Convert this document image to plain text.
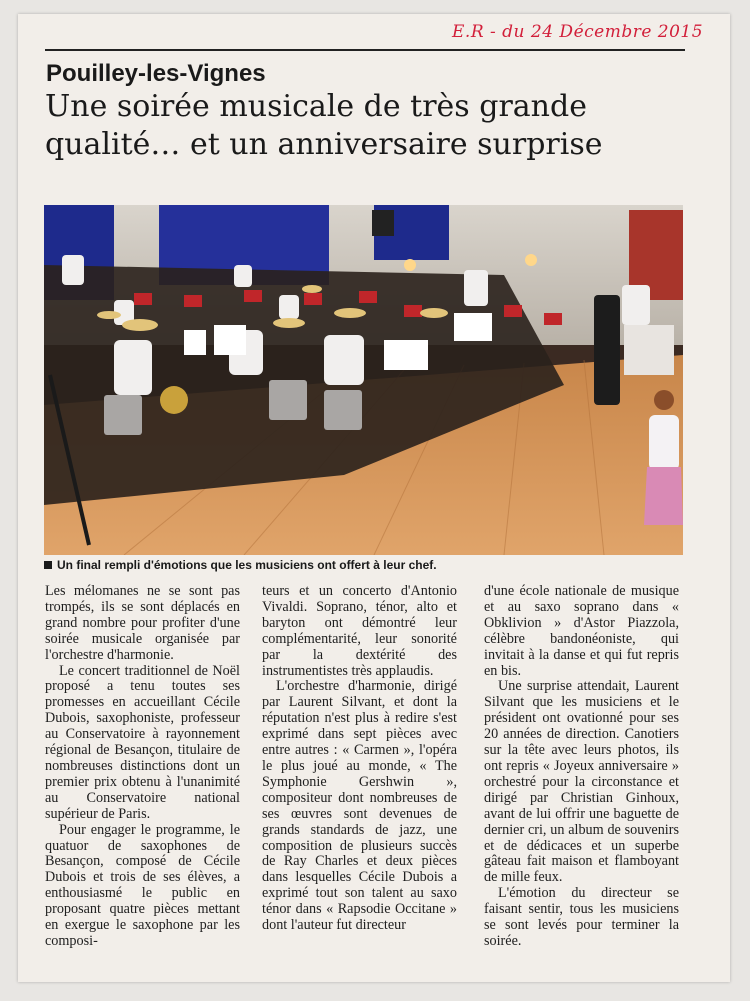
E.R - du 24 Décembre 2015
Pouilley-les-Vignes
Une soirée musicale de très grande qualité… et un anniversaire surprise
Un final rempli d'émotions que les musiciens ont offert à leur chef.

Les mélomanes ne se sont pas trompés, ils se sont déplacés en grand nombre pour profiter d'une soirée musicale organisée par l'orchestre d'harmonie.

Le concert traditionnel de Noël proposé a tenu toutes ses promesses en accueillant Cécile Dubois, saxophoniste, professeur au Conservatoire à rayonnement régional de Besançon, titulaire de nombreuses distinctions dont un premier prix obtenu à l'unanimité au Conservatoire national supérieur de Paris.

Pour engager le programme, le quatuor de saxophones de Besançon, composé de Cécile Dubois et trois de ses élèves, a enthousiasmé le public en proposant quatre pièces mettant en exergue le saxophone par les composi-

teurs et un concerto d'Antonio Vivaldi. Soprano, ténor, alto et baryton ont démontré leur complémentarité, leur sonorité par la dextérité des instrumentistes très applaudis.

L'orchestre d'harmonie, dirigé par Laurent Silvant, et dont la réputation n'est plus à redire s'est exprimé dans sept pièces avec entre autres : « Carmen », l'opéra le plus joué au monde, « The Symphonie Gershwin », compositeur dont nombreuses de ses œuvres sont devenues de grands standards de jazz, une composition de plusieurs succès de Ray Charles et deux pièces dans lesquelles Cécile Dubois a exprimé tout son talent au saxo ténor dans « Rapsodie Occitane » dont l'auteur fut directeur

d'une école nationale de musique et au saxo soprano dans « Obklivion » d'Astor Piazzola, célèbre bandonéoniste, qui invitait à la danse et qui fut repris en bis.

Une surprise attendait, Laurent Silvant que les musiciens et le président ont ovationné pour ses 20 années de direction. Canotiers sur la tête avec leurs photos, ils ont repris « Joyeux anniversaire » orchestré pour la circonstance et dirigé par Christian Ginhoux, avant de lui offrir une baguette de dernier cri, un album de souvenirs et de dédicaces et un superbe gâteau fait maison et flamboyant de mille feux.

L'émotion du directeur se faisant sentir, tous les musiciens se sont levés pour terminer la soirée.
